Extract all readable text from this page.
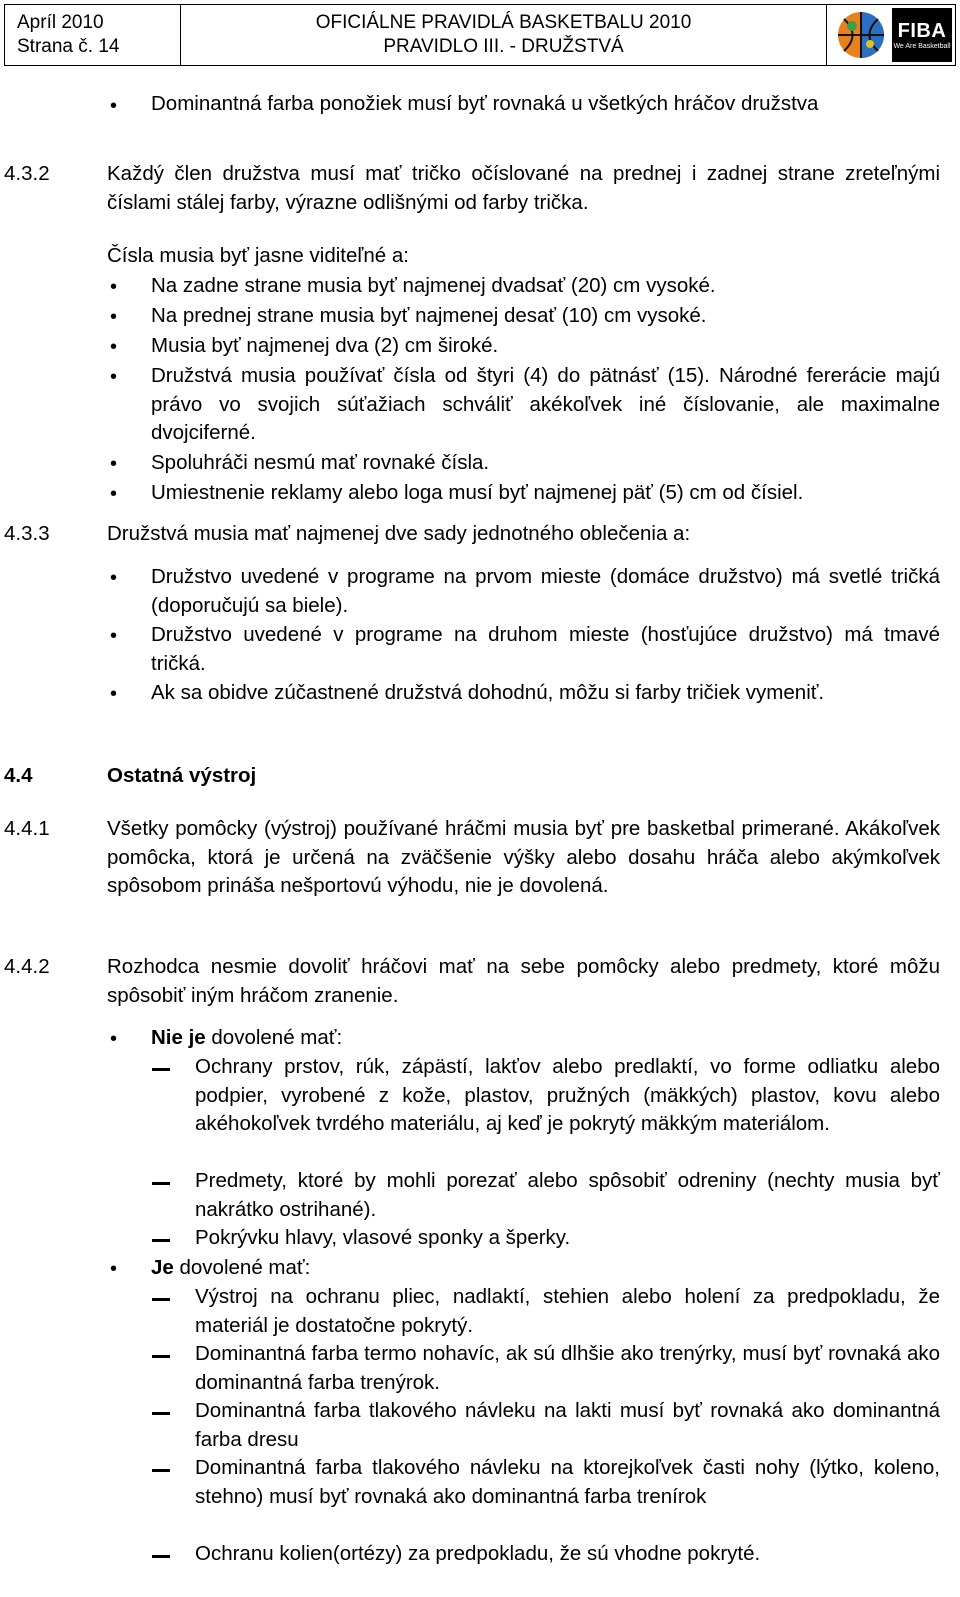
Apríl 2010
Strana č. 14
OFICIÁLNE PRAVIDLÁ BASKETBALU 2010
PRAVIDLO III. - DRUŽSTVÁ
FIBA
We Are Basketball
• Dominantná farba ponožiek musí byť rovnaká u všetkých hráčov družstva
4.3.2	Každý člen družstva musí mať tričko očíslované na prednej i zadnej strane zreteľnými číslami stálej farby, výrazne odlišnými od farby trička.
Čísla musia byť jasne viditeľné a:
• Na zadne strane musia byť najmenej dvadsať (20) cm vysoké.
• Na prednej strane musia byť najmenej desať (10) cm vysoké.
• Musia byť najmenej dva (2) cm široké.
• Družstvá musia používať čísla od štyri (4) do pätnásť (15). Národné fererácie majú právo vo svojich súťažiach schváliť akékoľvek iné číslovanie, ale maximalne dvojciferné.
• Spoluhráči nesmú mať rovnaké čísla.
• Umiestnenie reklamy alebo loga musí byť najmenej päť (5) cm od čísiel.
4.3.3	Družstvá musia mať najmenej dve sady jednotného oblečenia a:
• Družstvo uvedené v programe na prvom mieste (domáce družstvo) má svetlé tričká (doporučujú sa biele).
• Družstvo uvedené v programe na druhom mieste (hosťujúce družstvo) má tmavé tričká.
• Ak sa obidve zúčastnené družstvá dohodnú, môžu si farby tričiek vymeniť.
4.4	Ostatná výstroj
4.4.1	Všetky pomôcky (výstroj) používané hráčmi musia byť pre basketbal primerané. Akákoľvek pomôcka, ktorá je určená na zväčšenie výšky alebo dosahu hráča alebo akýmkoľvek spôsobom prináša nešportovú výhodu, nie je dovolená.
4.4.2	Rozhodca nesmie dovoliť hráčovi mať na sebe pomôcky alebo predmety, ktoré môžu spôsobiť iným hráčom zranenie.
• Nie je dovolené mať:
Ochrany prstov, rúk, zápästí, lakťov alebo predlaktí, vo forme odliatku alebo podpier, vyrobené z kože, plastov, pružných (mäkkých) plastov, kovu alebo akéhokoľvek tvrdého materiálu, aj keď je pokrytý mäkkým materiálom.
Predmety, ktoré by mohli porezať alebo spôsobiť odreniny (nechty musia byť nakrátko ostrihané).
Pokrývku hlavy, vlasové sponky a šperky.
• Je dovolené mať:
Výstroj na ochranu pliec, nadlaktí, stehien alebo holení za predpokladu, že materiál je dostatočne pokrytý.
Dominantná farba termo nohavíc, ak sú dlhšie ako trenýrky, musí byť rovnaká ako dominantná farba trenýrok.
Dominantná farba tlakového návleku na lakti musí byť rovnaká ako dominantná farba dresu
Dominantná farba tlakového návleku na ktorejkoľvek časti nohy (lýtko, koleno, stehno) musí byť rovnaká ako dominantná farba trenírok
Ochranu kolien(ortézy) za predpokladu, že sú vhodne pokryté.
